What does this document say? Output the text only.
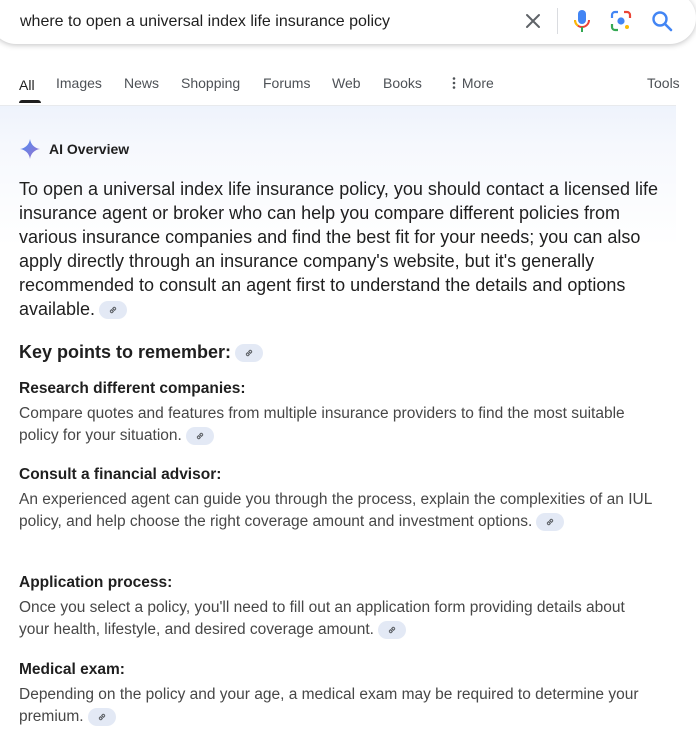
where to open a universal index life insurance policy
All Images News Shopping Forums Web Books	More	Tools
AI Overview
To open a universal index life insurance policy, you should contact a licensed life insurance agent or broker who can help you compare different policies from various insurance companies and find the best fit for your needs; you can also apply directly through an insurance company's website, but it's generally recommended to consult an agent first to understand the details and options available.
Key points to remember:
Research different companies:
Compare quotes and features from multiple insurance providers to find the most suitable policy for your situation.
Consult a financial advisor:
An experienced agent can guide you through the process, explain the complexities of an IUL policy, and help choose the right coverage amount and investment options.
Application process:
Once you select a policy, you'll need to fill out an application form providing details about your health, lifestyle, and desired coverage amount.
Medical exam:
Depending on the policy and your age, a medical exam may be required to determine your premium.
